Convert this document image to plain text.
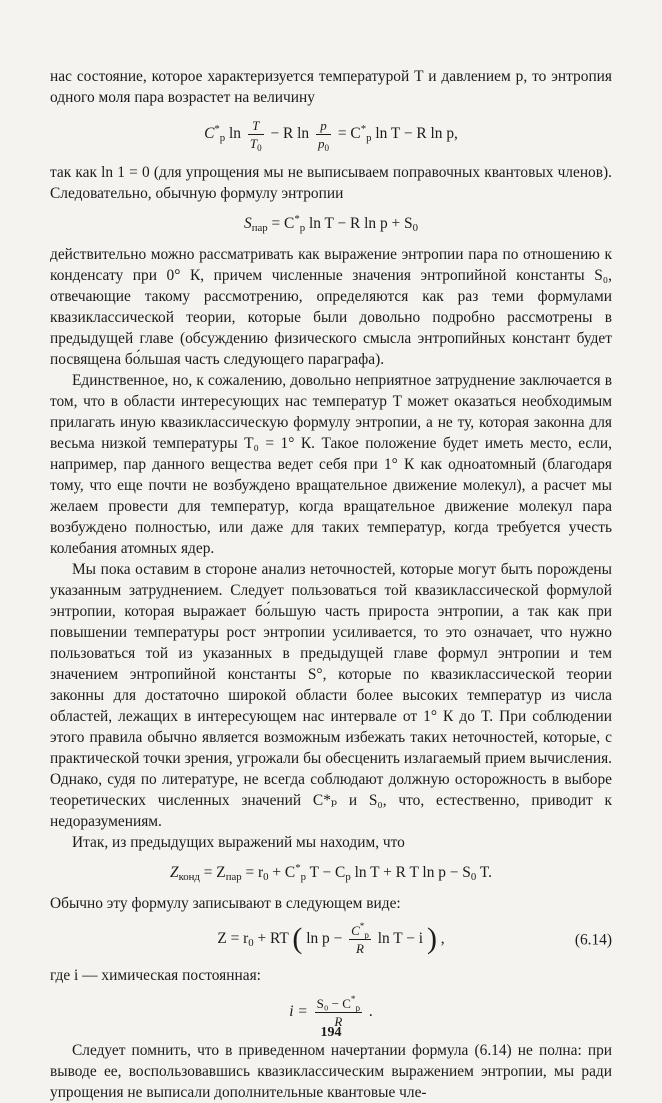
нас состояние, которое характеризуется температурой T и давлением p, то энтропия одного моля пара возрастет на величину

$C^*_p$ $\ln \frac{T}{T_0} - R$ $\ln \frac{p}{p_0} = C^*_p$ ln T − R ln p,

так как ln 1 = 0 (для упрощения мы не выписываем поправочных квантовых членов). Следовательно, обычную формулу энтропии

$S_{пар} = C^*_p$ ln T − R $\ln p + S_0$

действительно можно рассматривать как выражение энтропии пара по отношению к конденсату при 0° К, причем численные значения энтропийной константы S₀, отвечающие такому рассмотрению, определяются как раз теми формулами квазиклассической теории, которые были довольно подробно рассмотрены в предыдущей главе (обсуждению физического смысла энтропийных констант будет посвящена бо́льшая часть следующего параграфа).

Единственное, но, к сожалению, довольно неприятное затруднение заключается в том, что в области интересующих нас температур T может оказаться необходимым прилагать иную квазиклассическую формулу энтропии, а не ту, которая законна для весьма низкой температуры T₀ = 1° К. Такое положение будет иметь место, если, например, пар данного вещества ведет себя при 1° К как одноатомный (благодаря тому, что еще почти не возбуждено вращательное движение молекул), а расчет мы желаем провести для температур, когда вращательное движение молекул пара возбуждено полностью, или даже для таких температур, когда требуется учесть колебания атомных ядер.

Мы пока оставим в стороне анализ неточностей, которые могут быть порождены указанным затруднением. Следует пользоваться той квазиклассической формулой энтропии, которая выражает бо́льшую часть прироста энтропии, а так как при повышении температуры рост энтропии усиливается, то это означает, что нужно пользоваться той из указанных в предыдущей главе формул энтропии и тем значением энтропийной константы S°, которые по квазиклассической теории законны для достаточно широкой области более высоких температур из числа областей, лежащих в интересующем нас интервале от 1° К до T. При соблюдении этого правила обычно является возможным избежать таких неточностей, которые, с практической точки зрения, угрожали бы обесценить излагаемый прием вычисления. Однако, судя по литературе, не всегда соблюдают должную осторожность в выборе теоретических численных значений C*ₚ и S₀, что, естественно, приводит к недоразумениям.

Итак, из предыдущих выражений мы находим, что

$Z_{конд} = Z_{пар} = r_0 + C^*_p$ $T - C_p$ ln T + R T $\ln p - S_0$ T.

Обычно эту формулу записывают в следующем виде:

$Z = r_0$ + RT ( $\ln p - \frac{C^*_p}{R}$ ln T − i ) ,	(6.14)

где i — химическая постоянная:

$i = \frac{S_0 - C^*_p}{R}$ .

Следует помнить, что в приведенном начертании формула (6.14) не полна: при выводе ее, воспользовавшись квазиклассическим выражением энтропии, мы ради упрощения не выписали дополнительные квантовые чле-

194
